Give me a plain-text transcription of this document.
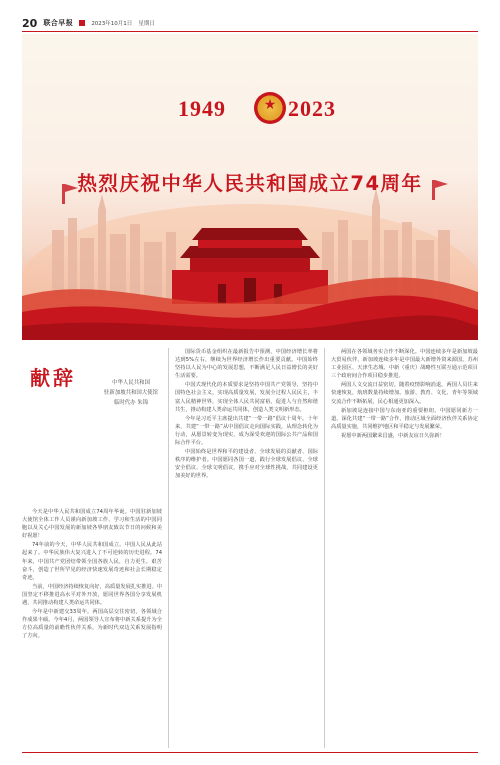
20 联合早报	2023年10月1日 星期日
1949	★ 2023
热烈庆祝中华人民共和国成立74周年
献辞	中华人民共和国
驻新加坡共和国大使馆
临时代办 朱锦

今天是中华人民共和国成立74周年华诞。中国驻新加坡大使馆全体工作人员谨向新加坡工作、学习和生活的中国同胞以及关心中国发展的新加坡各界朋友致以节日的问候和美好祝愿！

74年前的今天，中华人民共和国成立。中国人民从此站起来了。中华民族伟大复兴进入了不可逆转的历史进程。74年来，中国共产党团结带领全国各族人民，自力更生，艰苦奋斗，创造了世所罕见的经济快速发展奇迹和社会长期稳定奇迹。

当前，中国经济持续恢复向好，高质量发展扎实推进。中国坚定不移推进高水平对外开放，愿同世界各国分享发展机遇，共同推动构建人类命运共同体。

今年是中新建交33周年。两国高层交往密切，各领域合作成果丰硕。今年4月，两国领导人宣布将中新关系提升为全方位高质量的前瞻性伙伴关系，为新时代双边关系发展指明了方向。

国际货币基金组织在最新报告中预测，中国经济增长率将达到5%左右，继续为世界经济增长作出重要贡献。中国始终坚持以人民为中心的发展思想，不断满足人民日益增长的美好生活需要。

中国式现代化的本质要求是坚持中国共产党领导，坚持中国特色社会主义，实现高质量发展，发展全过程人民民主，丰富人民精神世界，实现全体人民共同富裕，促进人与自然和谐共生，推动构建人类命运共同体，创造人类文明新形态。

今年是习近平主席提出共建“一带一路”倡议十周年。十年来，共建“一带一路”从中国倡议走向国际实践，从理念转化为行动，从愿景转变为现实，成为深受欢迎的国际公共产品和国际合作平台。

中国始终是世界和平的建设者、全球发展的贡献者、国际秩序的维护者。中国愿同各国一道，践行全球发展倡议、全球安全倡议、全球文明倡议，携手应对全球性挑战，共同建设更加美好的世界。

两国在各领域务实合作不断深化。中国连续多年是新加坡最大贸易伙伴，新加坡连续多年是中国最大新增外资来源国。苏州工业园区、天津生态城、中新（重庆）战略性互联互通示范项目三个政府间合作项目稳步推进。

两国人文交流日益密切。随着疫情影响消退，两国人员往来快速恢复，航班数量持续增加。旅游、教育、文化、青年等领域交流合作不断拓展，民心相通更加深入。

新加坡是连接中国与东南亚的重要枢纽。中国愿同新方一道，深化共建“一带一路”合作，推动区域全面经济伙伴关系协定高质量实施，共同维护地区和平稳定与发展繁荣。

祝愿中新两国繁荣昌盛，中新友谊日久弥新！
